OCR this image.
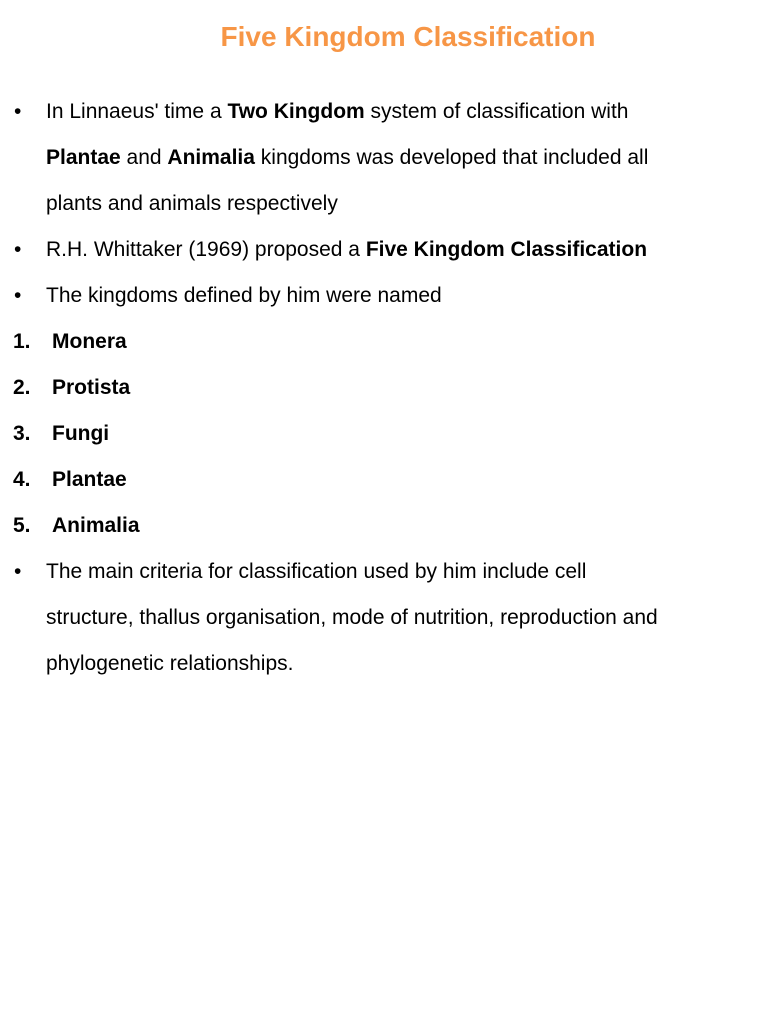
Five Kingdom Classification
• In Linnaeus' time a Two Kingdom system of classification with
Plantae and Animalia kingdoms was developed that included all
plants and animals respectively
• R.H. Whittaker (1969) proposed a Five Kingdom Classification
• The kingdoms defined by him were named
1. Monera
2. Protista
3. Fungi
4. Plantae
5. Animalia
• The main criteria for classification used by him include cell
structure, thallus organisation, mode of nutrition, reproduction and
phylogenetic relationships.
